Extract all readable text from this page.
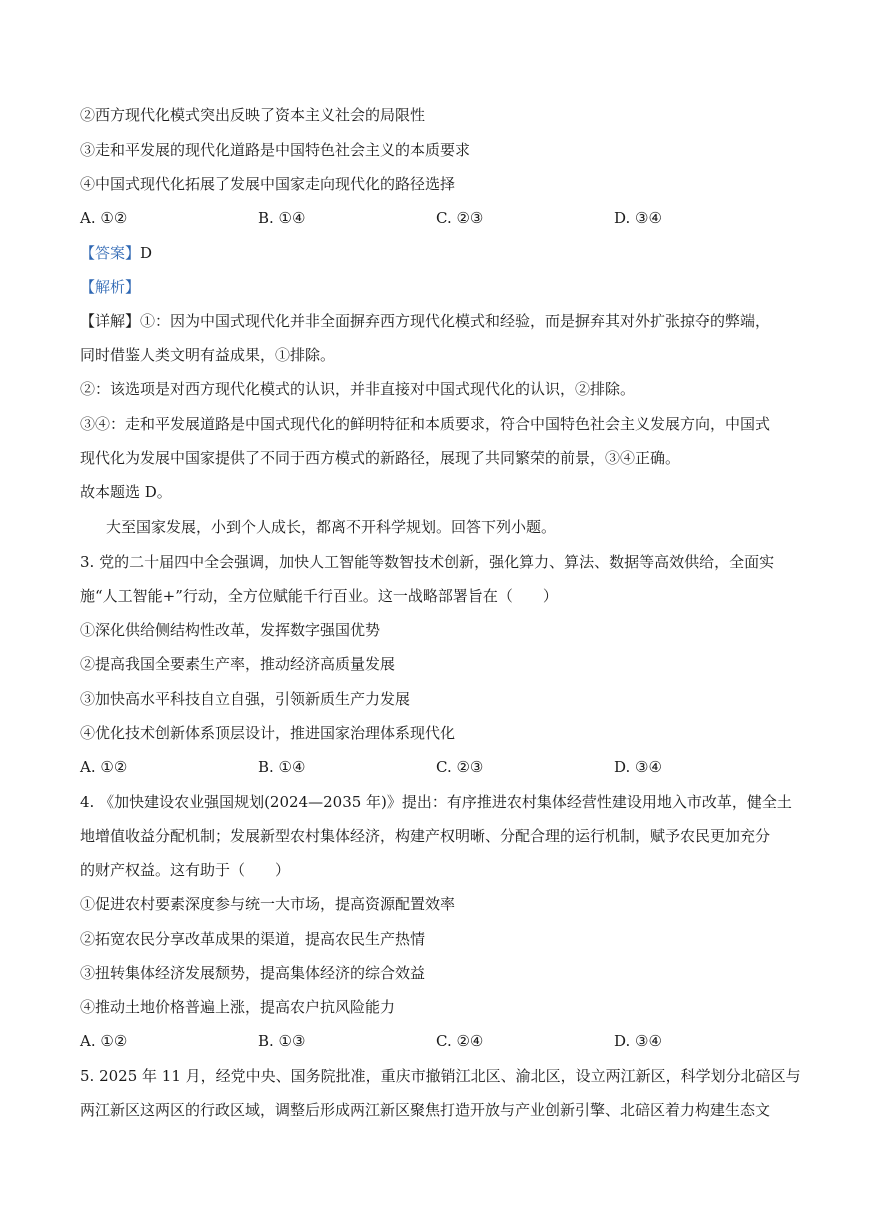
②西方现代化模式突出反映了资本主义社会的局限性
③走和平发展的现代化道路是中国特色社会主义的本质要求
④中国式现代化拓展了发展中国家走向现代化的路径选择
A. ①②	B. ①④	C. ②③	D. ③④
【答案】D
【解析】
【详解】①：因为中国式现代化并非全面摒弃西方现代化模式和经验，而是摒弃其对外扩张掠夺的弊端，
同时借鉴人类文明有益成果，①排除。
②：该选项是对西方现代化模式的认识，并非直接对中国式现代化的认识，②排除。
③④：走和平发展道路是中国式现代化的鲜明特征和本质要求，符合中国特色社会主义发展方向，中国式
现代化为发展中国家提供了不同于西方模式的新路径，展现了共同繁荣的前景，③④正确。
故本题选 D。
大至国家发展，小到个人成长，都离不开科学规划。回答下列小题。
3. 党的二十届四中全会强调，加快人工智能等数智技术创新，强化算力、算法、数据等高效供给，全面实
施“人工智能+”行动，全方位赋能千行百业。这一战略部署旨在（　　）
①深化供给侧结构性改革，发挥数字强国优势
②提高我国全要素生产率，推动经济高质量发展
③加快高水平科技自立自强，引领新质生产力发展
④优化技术创新体系顶层设计，推进国家治理体系现代化
A. ①②	B. ①④	C. ②③	D. ③④
4. 《加快建设农业强国规划(2024—2035 年)》提出：有序推进农村集体经营性建设用地入市改革，健全土
地增值收益分配机制；发展新型农村集体经济，构建产权明晰、分配合理的运行机制，赋予农民更加充分
的财产权益。这有助于（　　）
①促进农村要素深度参与统一大市场，提高资源配置效率
②拓宽农民分享改革成果的渠道，提高农民生产热情
③扭转集体经济发展颓势，提高集体经济的综合效益
④推动土地价格普遍上涨，提高农户抗风险能力
A. ①②	B. ①③	C. ②④	D. ③④
5. 2025 年 11 月，经党中央、国务院批准，重庆市撤销江北区、渝北区，设立两江新区，科学划分北碚区与
两江新区这两区的行政区域，调整后形成两江新区聚焦打造开放与产业创新引擎、北碚区着力构建生态文
